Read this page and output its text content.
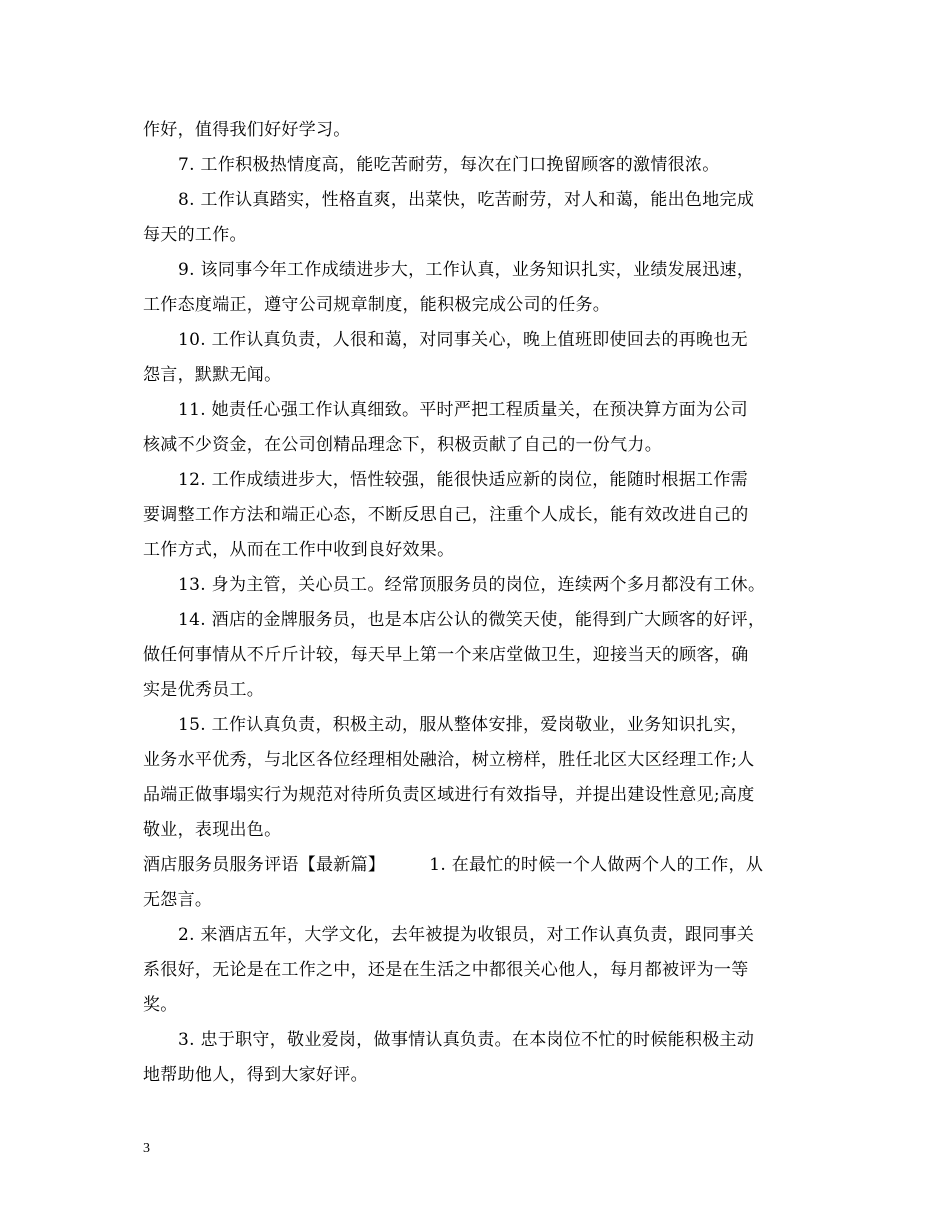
作好，值得我们好好学习。
7. 工作积极热情度高，能吃苦耐劳，每次在门口挽留顾客的激情很浓。
8. 工作认真踏实，性格直爽，出菜快，吃苦耐劳，对人和蔼，能出色地完成
每天的工作。
9. 该同事今年工作成绩进步大，工作认真，业务知识扎实，业绩发展迅速，
工作态度端正，遵守公司规章制度，能积极完成公司的任务。
10. 工作认真负责，人很和蔼，对同事关心，晚上值班即使回去的再晚也无
怨言，默默无闻。
11. 她责任心强工作认真细致。平时严把工程质量关，在预决算方面为公司
核减不少资金，在公司创精品理念下，积极贡献了自己的一份气力。
12. 工作成绩进步大，悟性较强，能很快适应新的岗位，能随时根据工作需
要调整工作方法和端正心态，不断反思自己，注重个人成长，能有效改进自己的
工作方式，从而在工作中收到良好效果。
13. 身为主管，关心员工。经常顶服务员的岗位，连续两个多月都没有工休。
14. 酒店的金牌服务员，也是本店公认的微笑天使，能得到广大顾客的好评，
做任何事情从不斤斤计较，每天早上第一个来店堂做卫生，迎接当天的顾客，确
实是优秀员工。
15. 工作认真负责，积极主动，服从整体安排，爱岗敬业，业务知识扎实，
业务水平优秀，与北区各位经理相处融洽，树立榜样，胜任北区大区经理工作;人
品端正做事塌实行为规范对待所负责区域进行有效指导，并提出建设性意见;高度
敬业，表现出色。
酒店服务员服务评语【最新篇】	1. 在最忙的时候一个人做两个人的工作，从
无怨言。
2. 来酒店五年，大学文化，去年被提为收银员，对工作认真负责，跟同事关
系很好，无论是在工作之中，还是在生活之中都很关心他人，每月都被评为一等
奖。
3. 忠于职守，敬业爱岗，做事情认真负责。在本岗位不忙的时候能积极主动
地帮助他人，得到大家好评。
3
